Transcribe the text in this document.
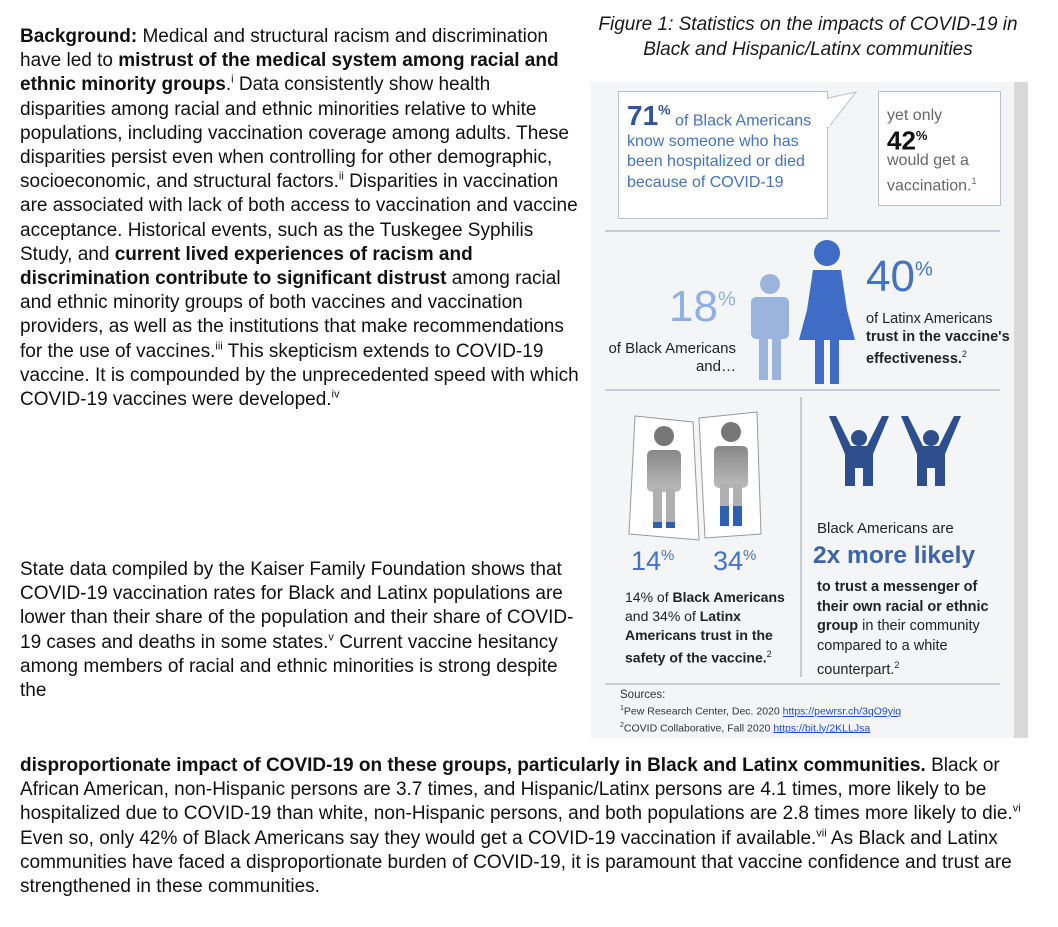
Background: Medical and structural racism and discrimination have led to mistrust of the medical system among racial and ethnic minority groups.$^i$ Data consistently show health disparities among racial and ethnic minorities relative to white populations, including vaccination coverage among adults. These disparities persist even when controlling for other demographic, socioeconomic, and structural factors.$^{ii}$ Disparities in vaccination are associated with lack of both access to vaccination and vaccine acceptance. Historical events, such as the Tuskegee Syphilis Study, and current lived experiences of racism and discrimination contribute to significant distrust among racial and ethnic minority groups of both vaccines and vaccination providers, as well as the institutions that make recommendations for the use of vaccines.$^{iii}$ This skepticism extends to COVID-19 vaccine. It is compounded by the unprecedented speed with which COVID-19 vaccines were developed.$^{iv}$

State data compiled by the Kaiser Family Foundation shows that COVID-19 vaccination rates for Black and Latinx populations are lower than their share of the population and their share of COVID-19 cases and deaths in some states.$^v$ Current vaccine hesitancy among members of racial and ethnic minorities is strong despite the

disproportionate impact of COVID-19 on these groups, particularly in Black and Latinx communities. Black or African American, non-Hispanic persons are 3.7 times, and Hispanic/Latinx persons are 4.1 times, more likely to be hospitalized due to COVID-19 than white, non-Hispanic persons, and both populations are 2.8 times more likely to die.$^{vi}$ Even so, only 42% of Black Americans say they would get a COVID-19 vaccination if available.$^{vii}$ As Black and Latinx communities have faced a disproportionate burden of COVID-19, it is paramount that vaccine confidence and trust are strengthened in these communities.

Figure 1: Statistics on the impacts of COVID-19 in Black and Hispanic/Latinx communities
71% of Black Americans know someone who has been hospitalized or died because of COVID-19
yet only
42%
would get a vaccination.$^1$
18%
of Black Americans and…
40%
of Latinx Americans trust in the vaccine's effectiveness.$^2$
14% 34%
14% of Black Americans and 34% of Latinx Americans trust in the safety of the vaccine.$^2$
Black Americans are
2x more likely
to trust a messenger of their own racial or ethnic group in their community compared to a white counterpart.$^2$
Sources:
$^1$Pew Research Center, Dec. 2020 https://pewrsr.ch/3qO9yiq
$^2$COVID Collaborative, Fall 2020 https://bit.ly/2KLLJsa
